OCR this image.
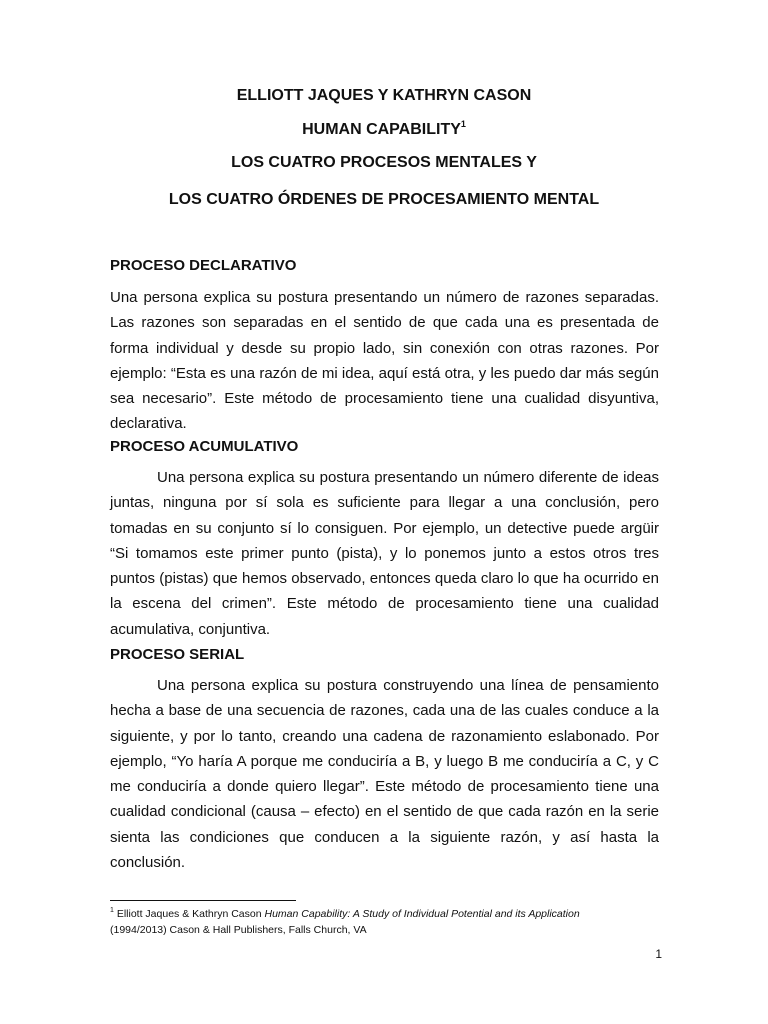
ELLIOTT JAQUES Y KATHRYN CASON

HUMAN CAPABILITY$^1$

LOS CUATRO PROCESOS MENTALES Y

LOS CUATRO ÓRDENES DE PROCESAMIENTO MENTAL

PROCESO DECLARATIVO

Una persona explica su postura presentando un número de razones separadas. Las razones son separadas en el sentido de que cada una es presentada de forma individual y desde su propio lado, sin conexión con otras razones. Por ejemplo: “Esta es una razón de mi idea, aquí está otra, y les puedo dar más según sea necesario”. Este método de procesamiento tiene una cualidad disyuntiva, declarativa.

PROCESO ACUMULATIVO

Una persona explica su postura presentando un número diferente de ideas juntas, ninguna por sí sola es suficiente para llegar a una conclusión, pero tomadas en su conjunto sí lo consiguen. Por ejemplo, un detective puede argüir “Si tomamos este primer punto (pista), y lo ponemos junto a estos otros tres puntos (pistas) que hemos observado, entonces queda claro lo que ha ocurrido en la escena del crimen”. Este método de procesamiento tiene una cualidad acumulativa, conjuntiva.

PROCESO SERIAL

Una persona explica su postura construyendo una línea de pensamiento hecha a base de una secuencia de razones, cada una de las cuales conduce a la siguiente, y por lo tanto, creando una cadena de razonamiento eslabonado. Por ejemplo, “Yo haría A porque me conduciría a B, y luego B me conduciría a C, y C me conduciría a donde quiero llegar”. Este método de procesamiento tiene una cualidad condicional (causa – efecto) en el sentido de que cada razón en la serie sienta las condiciones que conducen a la siguiente razón, y así hasta la conclusión.

$^1$ Elliott Jaques & Kathryn Cason Human Capability: A Study of Individual Potential and its Application
(1994/2013) Cason & Hall Publishers, Falls Church, VA

1
